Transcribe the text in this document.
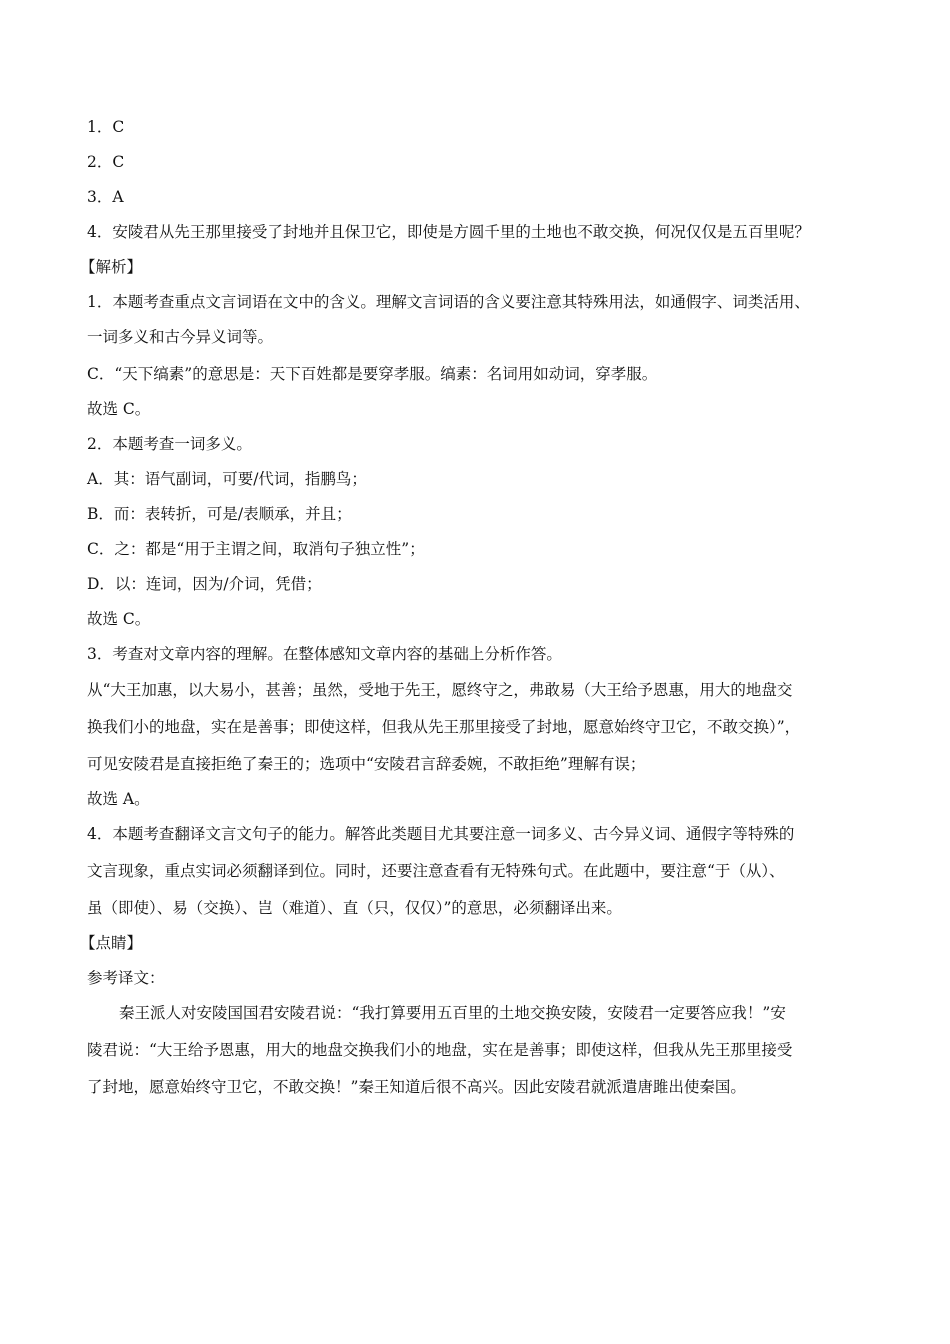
1．C
2．C
3．A
4．安陵君从先王那里接受了封地并且保卫它，即使是方圆千里的土地也不敢交换，何况仅仅是五百里呢？
【解析】
1．本题考查重点文言词语在文中的含义。理解文言词语的含义要注意其特殊用法，如通假字、词类活用、
一词多义和古今异义词等。
C．“天下缟素”的意思是：天下百姓都是要穿孝服。缟素：名词用如动词，穿孝服。
故选 C。
2．本题考查一词多义。
A．其：语气副词，可要/代词，指鹏鸟；
B．而：表转折，可是/表顺承，并且；
C．之：都是“用于主谓之间，取消句子独立性”；
D．以：连词，因为/介词，凭借；
故选 C。
3．考查对文章内容的理解。在整体感知文章内容的基础上分析作答。
从“大王加惠，以大易小，甚善；虽然，受地于先王，愿终守之，弗敢易（大王给予恩惠，用大的地盘交
换我们小的地盘，实在是善事；即使这样，但我从先王那里接受了封地，愿意始终守卫它，不敢交换）”，
可见安陵君是直接拒绝了秦王的；选项中“安陵君言辞委婉，不敢拒绝”理解有误；
故选 A。
4．本题考查翻译文言文句子的能力。解答此类题目尤其要注意一词多义、古今异义词、通假字等特殊的
文言现象，重点实词必须翻译到位。同时，还要注意查看有无特殊句式。在此题中，要注意“于（从）、
虽（即使）、易（交换）、岂（难道）、直（只，仅仅）”的意思，必须翻译出来。
【点睛】
参考译文：
秦王派人对安陵国国君安陵君说：“我打算要用五百里的土地交换安陵，安陵君一定要答应我！”安
陵君说：“大王给予恩惠，用大的地盘交换我们小的地盘，实在是善事；即使这样，但我从先王那里接受
了封地，愿意始终守卫它，不敢交换！”秦王知道后很不高兴。因此安陵君就派遣唐雎出使秦国。
